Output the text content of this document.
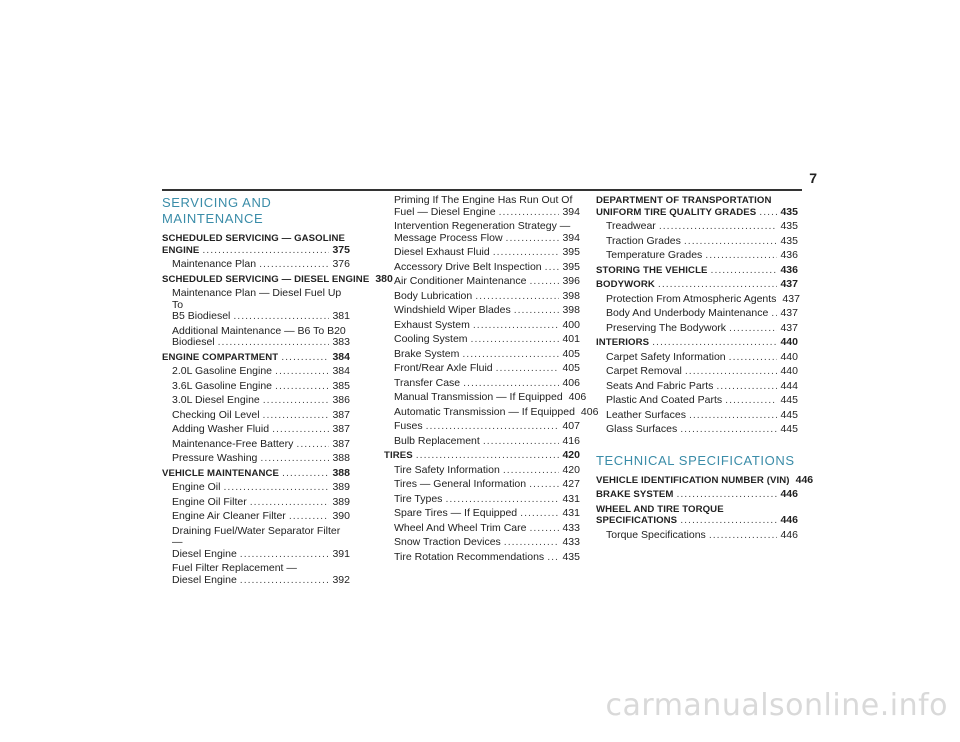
7
SERVICING AND MAINTENANCE
SCHEDULED SERVICING — GASOLINE
ENGINE .....	375
Maintenance Plan .....	376
SCHEDULED SERVICING — DIESEL ENGINE 380
Maintenance Plan — Diesel Fuel Up To
B5 Biodiesel .....	381
Additional Maintenance — B6 To B20
Biodiesel .....	383
ENGINE COMPARTMENT .....	384
2.0L Gasoline Engine .....	384
3.6L Gasoline Engine .....	385
3.0L Diesel Engine .....	386
Checking Oil Level .....	387
Adding Washer Fluid .....	387
Maintenance-Free Battery .....	387
Pressure Washing .....	388
VEHICLE MAINTENANCE .....	388
Engine Oil .....	389
Engine Oil Filter .....	389
Engine Air Cleaner Filter .....	390
Draining Fuel/Water Separator Filter —
Diesel Engine .....	391
Fuel Filter Replacement —
Diesel Engine .....	392
Priming If The Engine Has Run Out Of
Fuel — Diesel Engine .....	394
Intervention Regeneration Strategy —
Message Process Flow .....	394
Diesel Exhaust Fluid .....	395
Accessory Drive Belt Inspection ..... 395
Air Conditioner Maintenance .....	396
Body Lubrication .....	398
Windshield Wiper Blades .....	398
Exhaust System .....	400
Cooling System .....	401
Brake System .....	405
Front/Rear Axle Fluid .....	405
Transfer Case .....	406
Manual Transmission — If Equipped 406
Automatic Transmission — If Equipped 406
Fuses .....	407
Bulb Replacement .....	416
TIRES .....	420
Tire Safety Information .....	420
Tires — General Information .....	427
Tire Types .....	431
Spare Tires — If Equipped .....	431
Wheel And Wheel Trim Care .....	433
Snow Traction Devices .....	433
Tire Rotation Recommendations ..... 435
DEPARTMENT OF TRANSPORTATION
UNIFORM TIRE QUALITY GRADES ..... 435
Treadwear .....	435
Traction Grades .....	435
Temperature Grades .....	436
STORING THE VEHICLE .....	436
BODYWORK .....	437
Protection From Atmospheric Agents 437
Body And Underbody Maintenance ..... 437
Preserving The Bodywork .....	437
INTERIORS .....	440
Carpet Safety Information .....	440
Carpet Removal .....	440
Seats And Fabric Parts .....	444
Plastic And Coated Parts .....	445
Leather Surfaces .....	445
Glass Surfaces .....	445
TECHNICAL SPECIFICATIONS
VEHICLE IDENTIFICATION NUMBER (VIN) 446
BRAKE SYSTEM .....	446
WHEEL AND TIRE TORQUE
SPECIFICATIONS .....	446
Torque Specifications .....	446
carmanualsonline.info
